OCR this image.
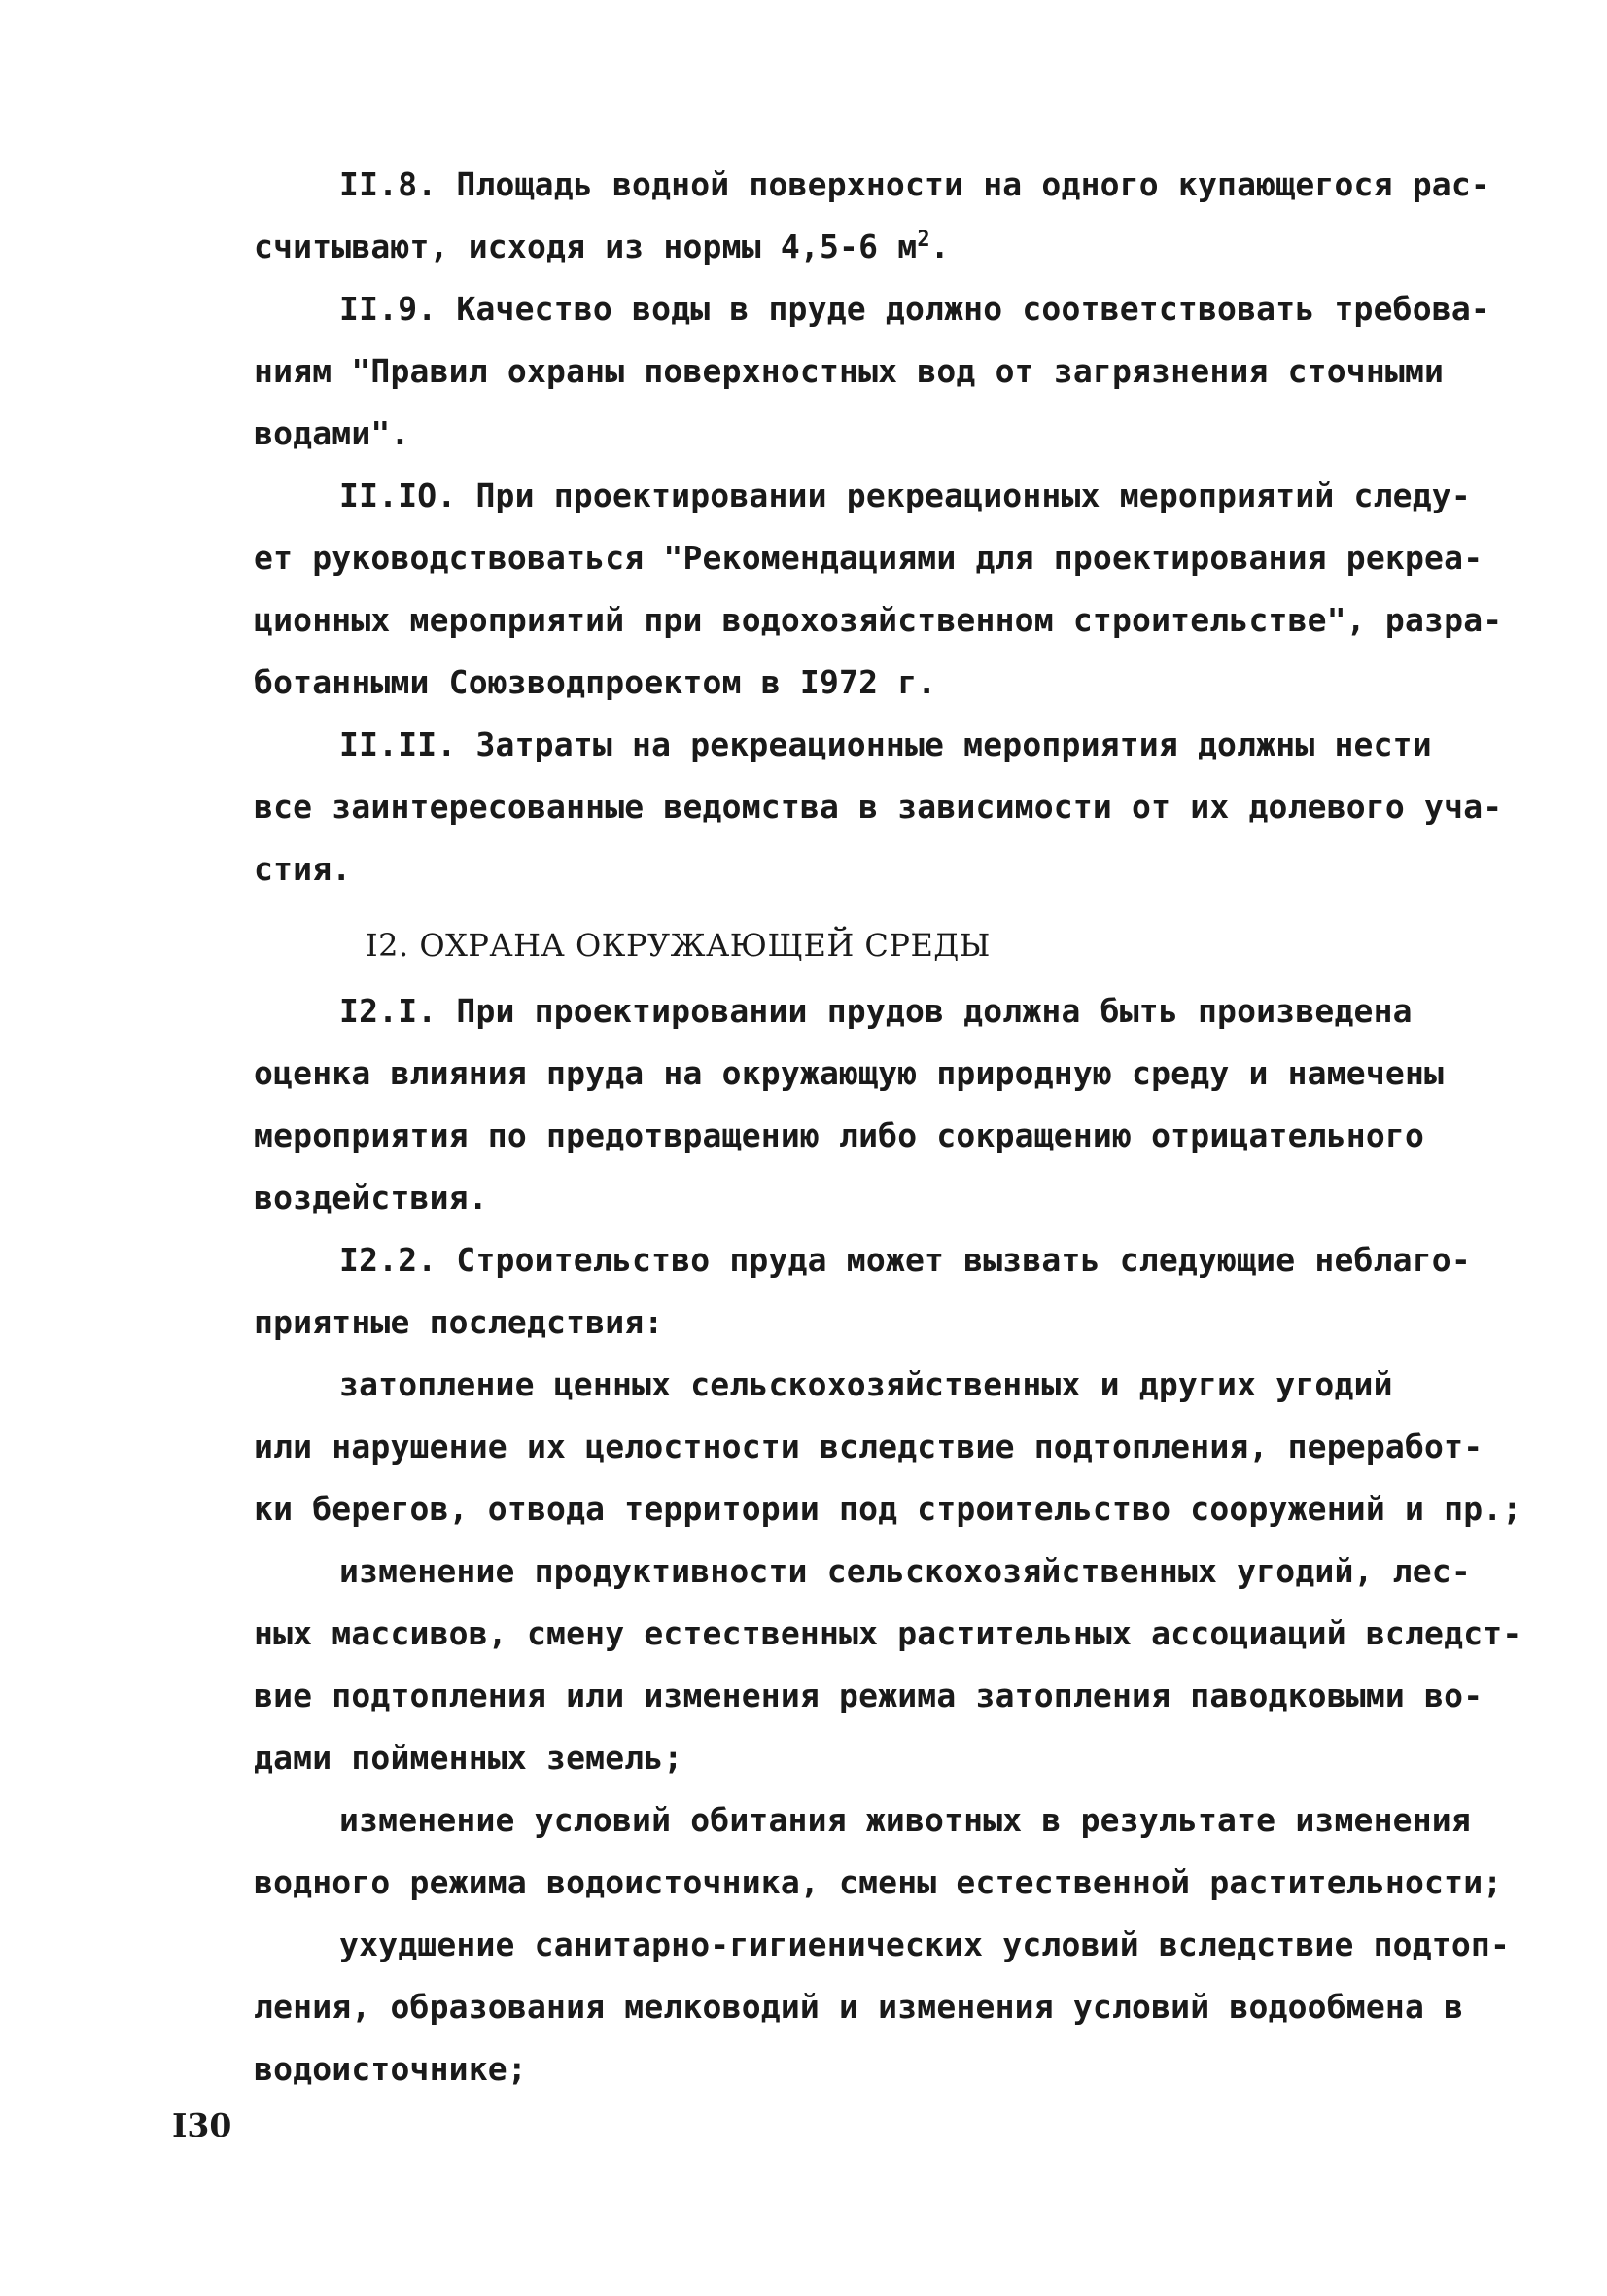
II.8. Площадь водной поверхности на одного купающегося рас-
считывают, исходя из нормы 4,5-6 $м^2$.
II.9. Качество воды в пруде должно соответствовать требова-
ниям "Правил охраны поверхностных вод от загрязнения сточными
водами".
II.IO. При проектировании рекреационных мероприятий следу-
ет руководствоваться "Рекомендациями для проектирования рекреа-
ционных мероприятий при водохозяйственном строительстве", разра-
ботанными Союзводпроектом в I972 г.
II.II. Затраты на рекреационные мероприятия должны нести
все заинтересованные ведомства в зависимости от их долевого уча-
стия.
I2. ОХРАНА ОКРУЖАЮЩЕЙ СРЕДЫ
I2.I. При проектировании прудов должна быть произведена
оценка влияния пруда на окружающую природную среду и намечены
мероприятия по предотвращению либо сокращению отрицательного
воздействия.
I2.2. Строительство пруда может вызвать следующие неблаго-
приятные последствия:
затопление ценных сельскохозяйственных и других угодий
или нарушение их целостности вследствие подтопления, переработ-
ки берегов, отвода территории под строительство сооружений и пр.;
изменение продуктивности сельскохозяйственных угодий, лес-
ных массивов, смену естественных растительных ассоциаций вследст-
вие подтопления или изменения режима затопления паводковыми во-
дами пойменных земель;
изменение условий обитания животных в результате изменения
водного режима водоисточника, смены естественной растительности;
ухудшение санитарно-гигиенических условий вследствие подтоп-
ления, образования мелководий и изменения условий водообмена в
водоисточнике;
I30
